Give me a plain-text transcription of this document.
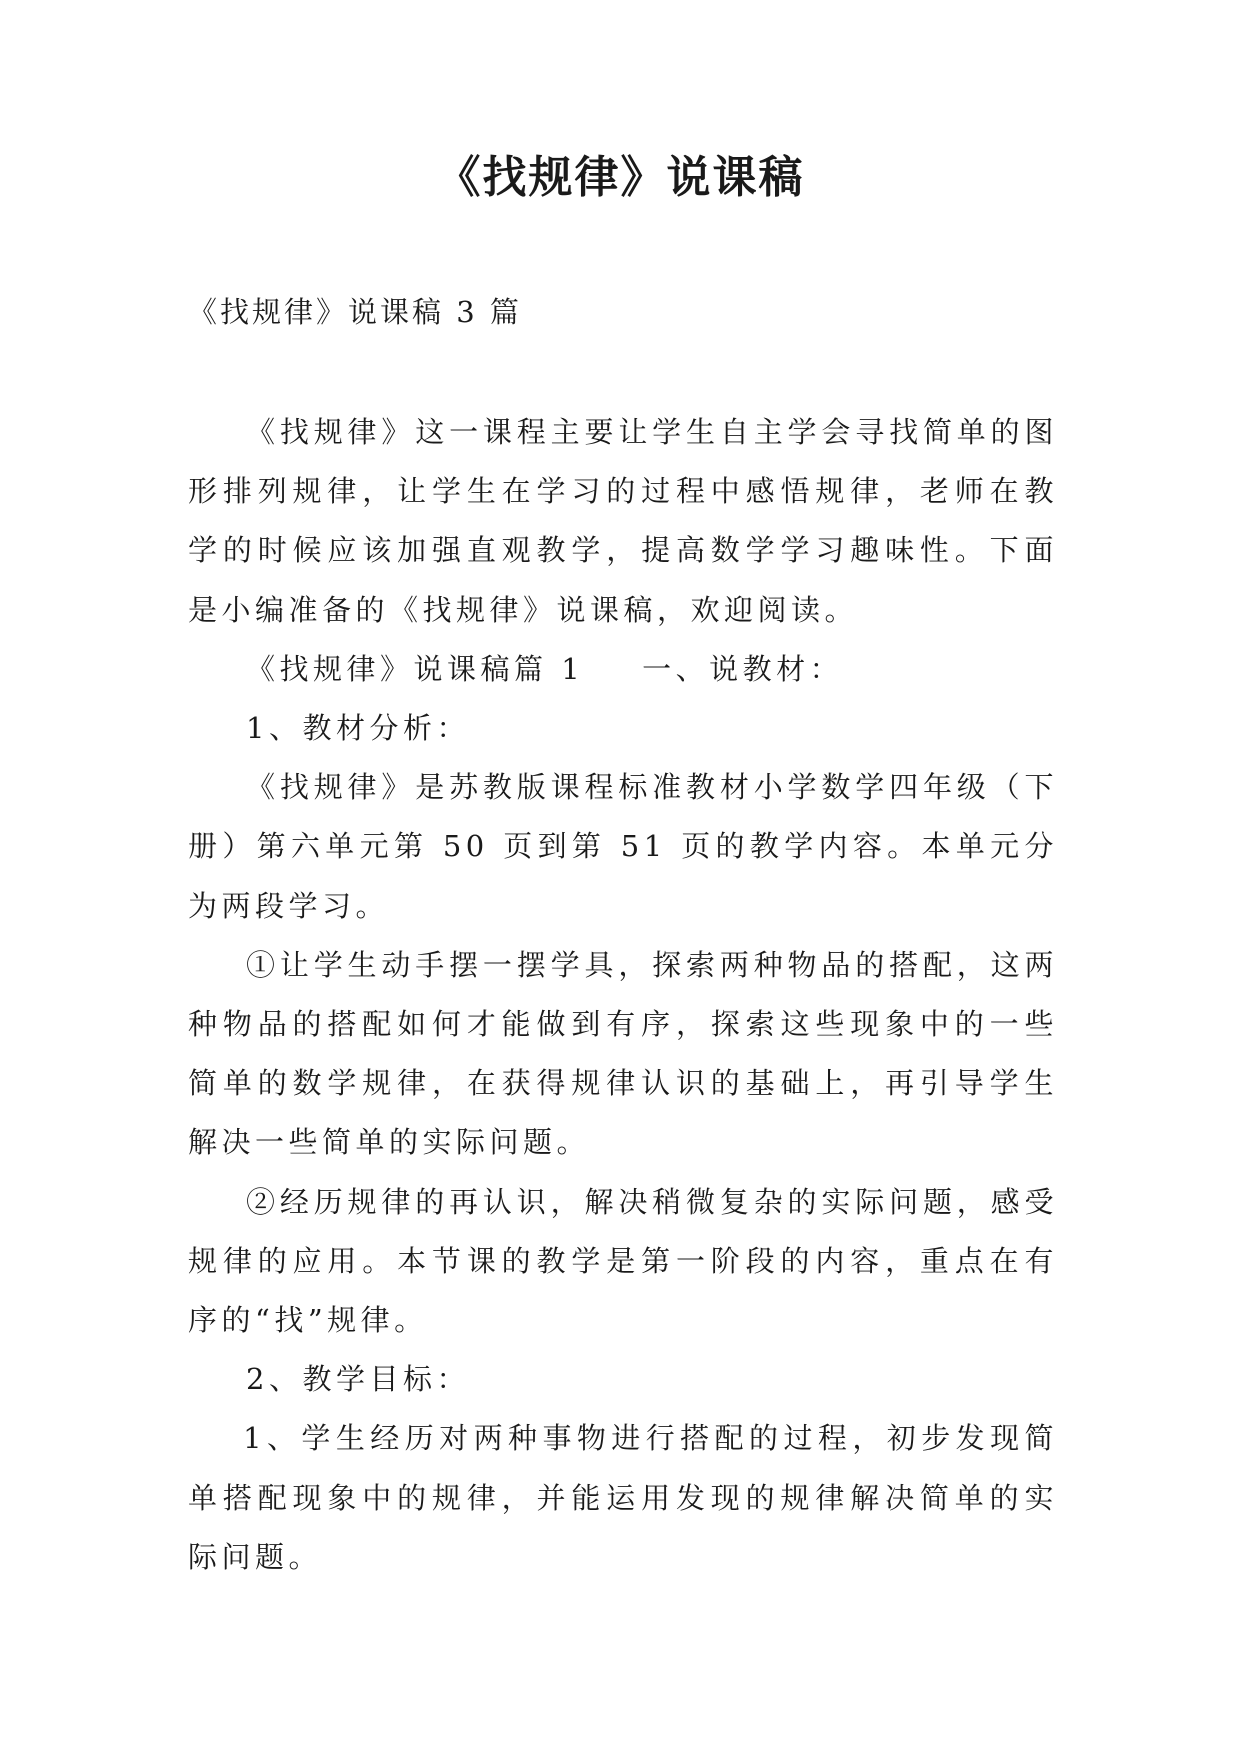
《找规律》说课稿

《找规律》说课稿 3 篇

《找规律》这一课程主要让学生自主学会寻找简单的图形排列规律，让学生在学习的过程中感悟规律，老师在教学的时候应该加强直观教学，提高数学学习趣味性。下面是小编准备的《找规律》说课稿，欢迎阅读。

《找规律》说课稿篇 1 一、说教材：

1、教材分析：

《找规律》是苏教版课程标准教材小学数学四年级（下册）第六单元第 50 页到第 51 页的教学内容。本单元分为两段学习。

①让学生动手摆一摆学具，探索两种物品的搭配，这两种物品的搭配如何才能做到有序，探索这些现象中的一些简单的数学规律，在获得规律认识的基础上，再引导学生解决一些简单的实际问题。

②经历规律的再认识，解决稍微复杂的实际问题，感受规律的应用。本节课的教学是第一阶段的内容，重点在有序的“找”规律。

2、教学目标：

1、学生经历对两种事物进行搭配的过程，初步发现简单搭配现象中的规律，并能运用发现的规律解决简单的实际问题。
